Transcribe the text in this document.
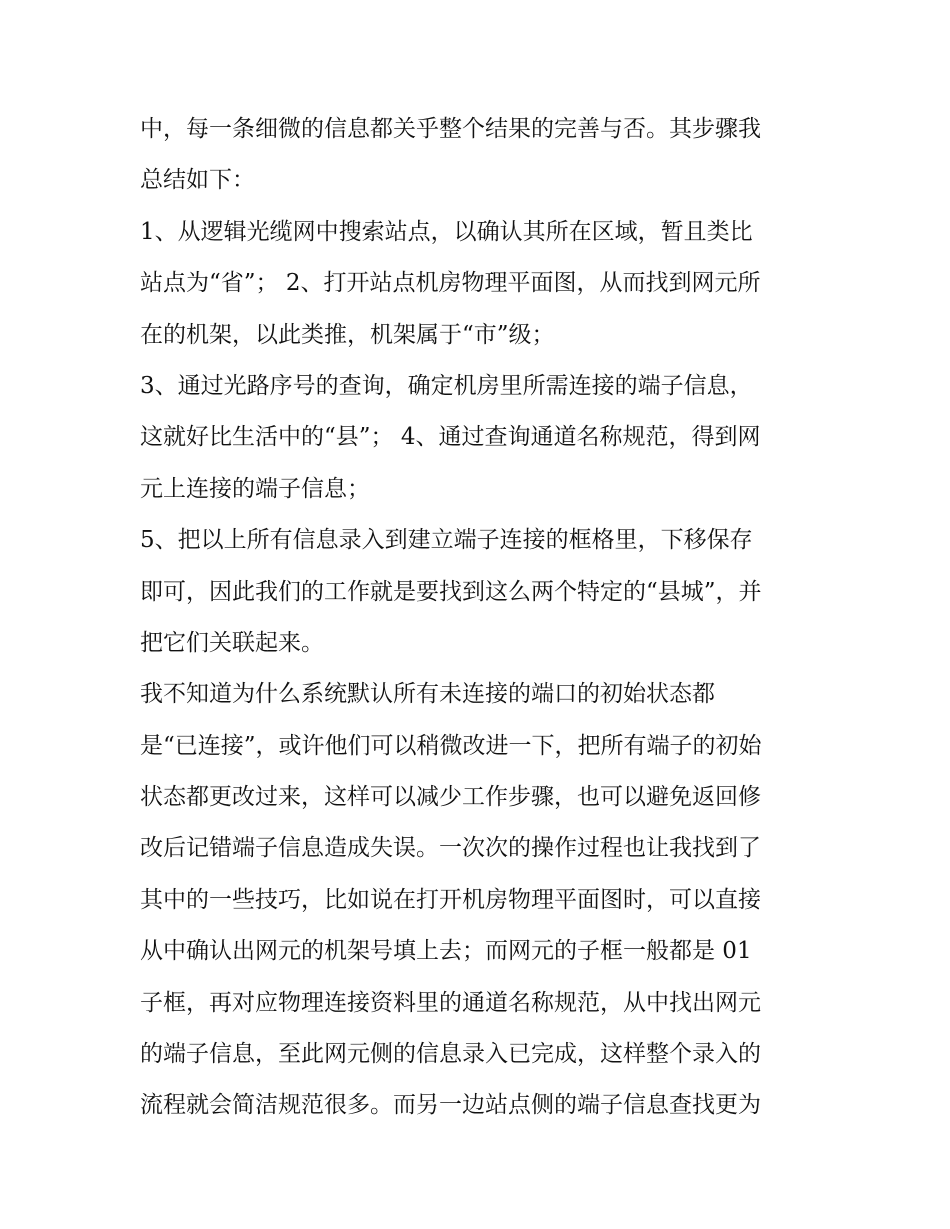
中，每一条细微的信息都关乎整个结果的完善与否。其步骤我
总结如下：
1、从逻辑光缆网中搜索站点，以确认其所在区域，暂且类比
站点为“省”； 2、打开站点机房物理平面图，从而找到网元所
在的机架，以此类推，机架属于“市”级；
3、通过光路序号的查询，确定机房里所需连接的端子信息，
这就好比生活中的“县”； 4、通过查询通道名称规范，得到网
元上连接的端子信息；
5、把以上所有信息录入到建立端子连接的框格里，下移保存
即可，因此我们的工作就是要找到这么两个特定的“县城”，并
把它们关联起来。
我不知道为什么系统默认所有未连接的端口的初始状态都
是“已连接”，或许他们可以稍微改进一下，把所有端子的初始
状态都更改过来，这样可以减少工作步骤，也可以避免返回修
改后记错端子信息造成失误。一次次的操作过程也让我找到了
其中的一些技巧，比如说在打开机房物理平面图时，可以直接
从中确认出网元的机架号填上去；而网元的子框一般都是 01
子框，再对应物理连接资料里的通道名称规范，从中找出网元
的端子信息，至此网元侧的信息录入已完成，这样整个录入的
流程就会简洁规范很多。而另一边站点侧的端子信息查找更为
